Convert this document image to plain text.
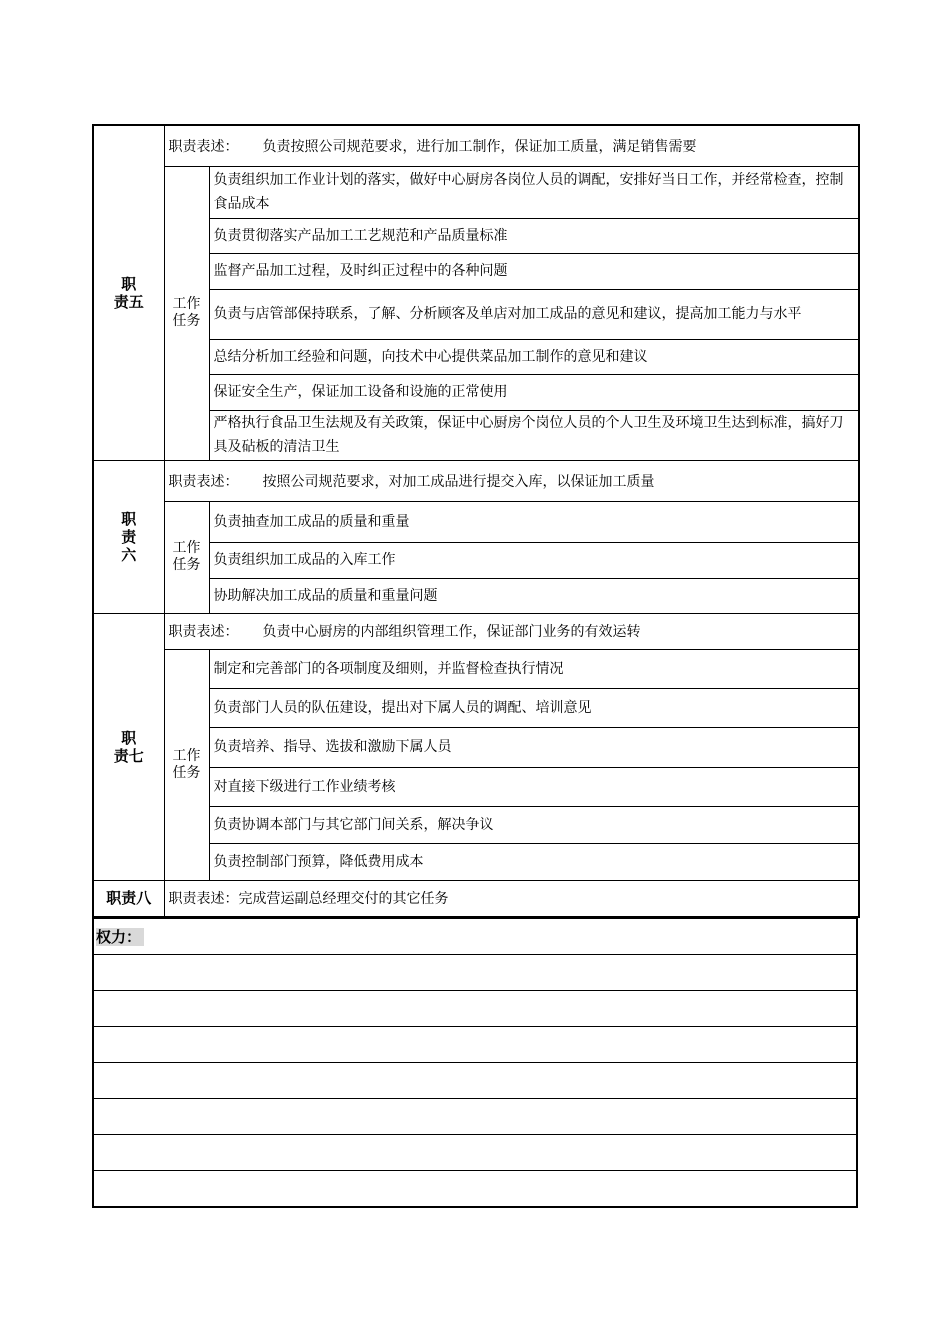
职
责五	职责表述： 负责按照公司规范要求，进行加工制作，保证加工质量，满足销售需要	

	工作
任务	负责组织加工作业计划的落实，做好中心厨房各岗位人员的调配，安排好当日工作，并经常检查，控制食品成本
		负责贯彻落实产品加工工艺规范和产品质量标准
		监督产品加工过程，及时纠正过程中的各种问题
		负责与店管部保持联系，了解、分析顾客及单店对加工成品的意见和建议，提高加工能力与水平
		总结分析加工经验和问题，向技术中心提供菜品加工制作的意见和建议
		保证安全生产，保证加工设备和设施的正常使用
		严格执行食品卫生法规及有关政策，保证中心厨房个岗位人员的个人卫生及环境卫生达到标准，搞好刀具及砧板的清洁卫生

职
责
六	职责表述： 按照公司规范要求，对加工成品进行提交入库，以保证加工质量	

	工作
任务	负责抽查加工成品的质量和重量
		负责组织加工成品的入库工作
		协助解决加工成品的质量和重量问题

职
责七	职责表述： 负责中心厨房的内部组织管理工作，保证部门业务的有效运转	

	工作
任务	制定和完善部门的各项制度及细则，并监督检查执行情况
		负责部门人员的队伍建设，提出对下属人员的调配、培训意见
		负责培养、指导、选拔和激励下属人员
		对直接下级进行工作业绩考核
		负责协调本部门与其它部门间关系，解决争议
		负责控制部门预算，降低费用成本
职责八	职责表述：完成营运副总经理交付的其它任务	
权力：
